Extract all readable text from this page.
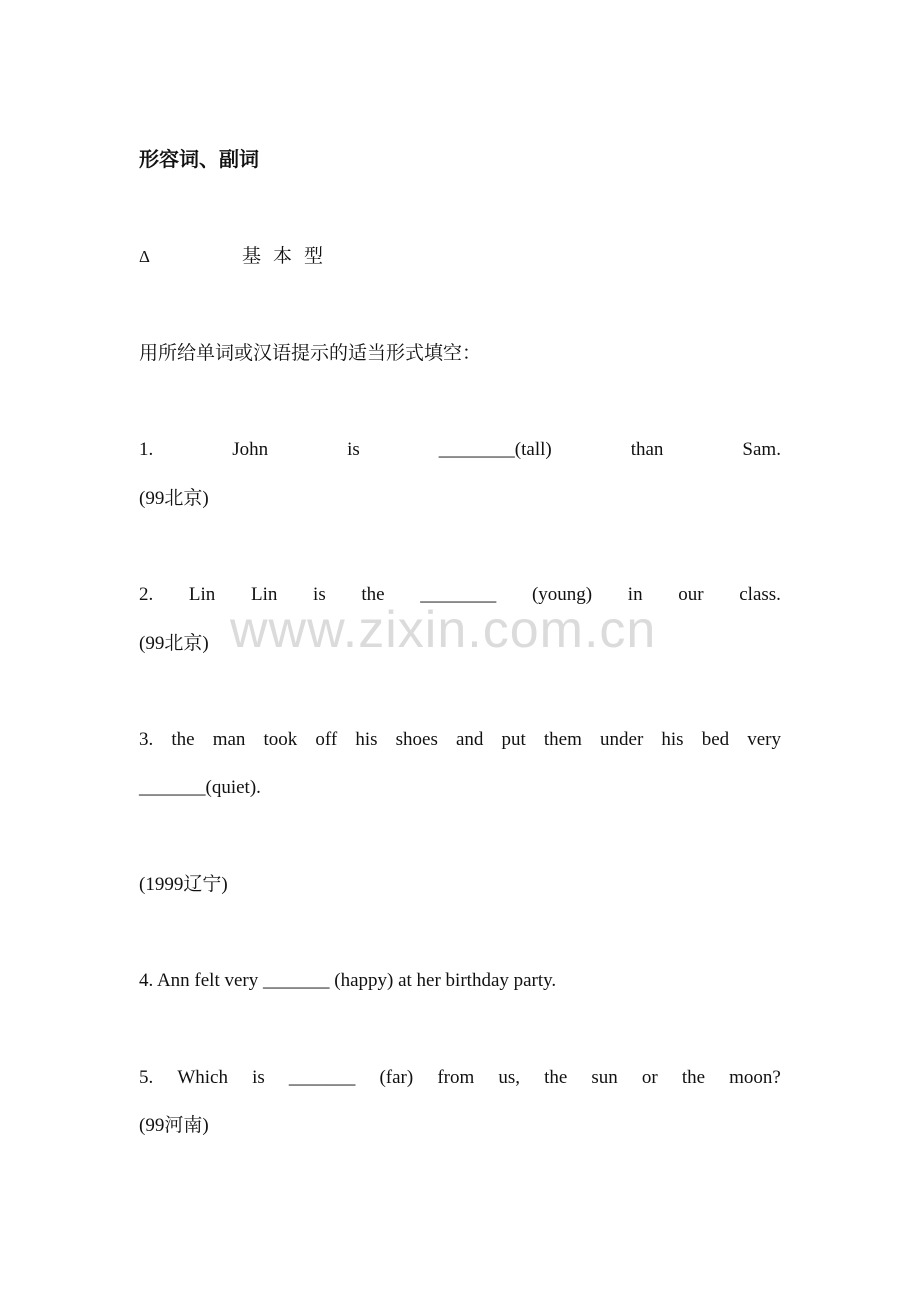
形容词、副词
Δ	基本型
用所给单词或汉语提示的适当形式填空：
1.	John	is	________(tall)	than	Sam.
(99北京)
2. Lin Lin is the ________ (young) in our class.
(99北京)
3. the man took off his shoes and put them under his bed very
_______(quiet).
(1999辽宁)
4. Ann felt very _______ (happy) at her birthday party.
5. Which is _______ (far) from us, the sun or the moon?
(99河南)
www.zixin.com.cn
